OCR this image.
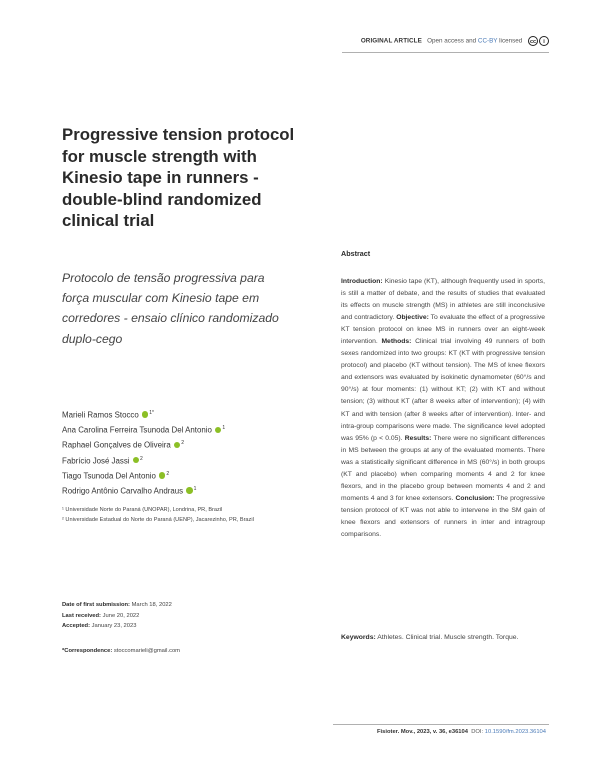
ORIGINAL ARTICLE Open access and CC-BY licensed cc i
Progressive tension protocol for muscle strength with Kinesio tape in runners - double-blind randomized clinical trial

Protocolo de tensão progressiva para força muscular com Kinesio tape em corredores - ensaio clínico randomizado duplo-cego

Marieli Ramos Stocco $^{1*}$
Ana Carolina Ferreira Tsunoda Del Antonio $^1$
Raphael Gonçalves de Oliveira $^2$
Fabrício José Jassi $^2$
Tiago Tsunoda Del Antonio $^2$
Rodrigo Antônio Carvalho Andraus $^1$
¹ Universidade Norte do Paraná (UNOPAR), Londrina, PR, Brazil
² Universidade Estadual do Norte do Paraná (UENP), Jacarezinho, PR, Brazil
Date of first submission: March 18, 2022
Last received: June 20, 2022
Accepted: January 23, 2023
*Correspondence: stoccomarieli@gmail.com
Abstract

Introduction: Kinesio tape (KT), although frequently used in sports, is still a matter of debate, and the results of studies that evaluated its effects on muscle strength (MS) in athletes are still inconclusive and contradictory. Objective: To evaluate the effect of a progressive KT tension protocol on knee MS in runners over an eight-week intervention. Methods: Clinical trial involving 49 runners of both sexes randomized into two groups: KT (KT with progressive tension protocol) and placebo (KT without tension). The MS of knee flexors and extensors was evaluated by isokinetic dynamometer (60°/s and 90°/s) at four moments: (1) without KT; (2) with KT and without tension; (3) without KT (after 8 weeks after of intervention); (4) with KT and with tension (after 8 weeks after of intervention). Inter- and intra-group comparisons were made. The significance level adopted was 95% (p < 0.05). Results: There were no significant differences in MS between the groups at any of the evaluated moments. There was a statistically significant difference in MS (60°/s) in both groups (KT and placebo) when comparing moments 4 and 2 for knee flexors, and in the placebo group between moments 4 and 2 and moments 4 and 3 for knee extensors. Conclusion: The progressive tension protocol of KT was not able to intervene in the SM gain of knee flexors and extensors of runners in inter and intragroup comparisons.

Keywords: Athletes. Clinical trial. Muscle strength. Torque.

Fisioter. Mov., 2023, v. 36, e36104 DOI: 10.1590/fm.2023.36104
